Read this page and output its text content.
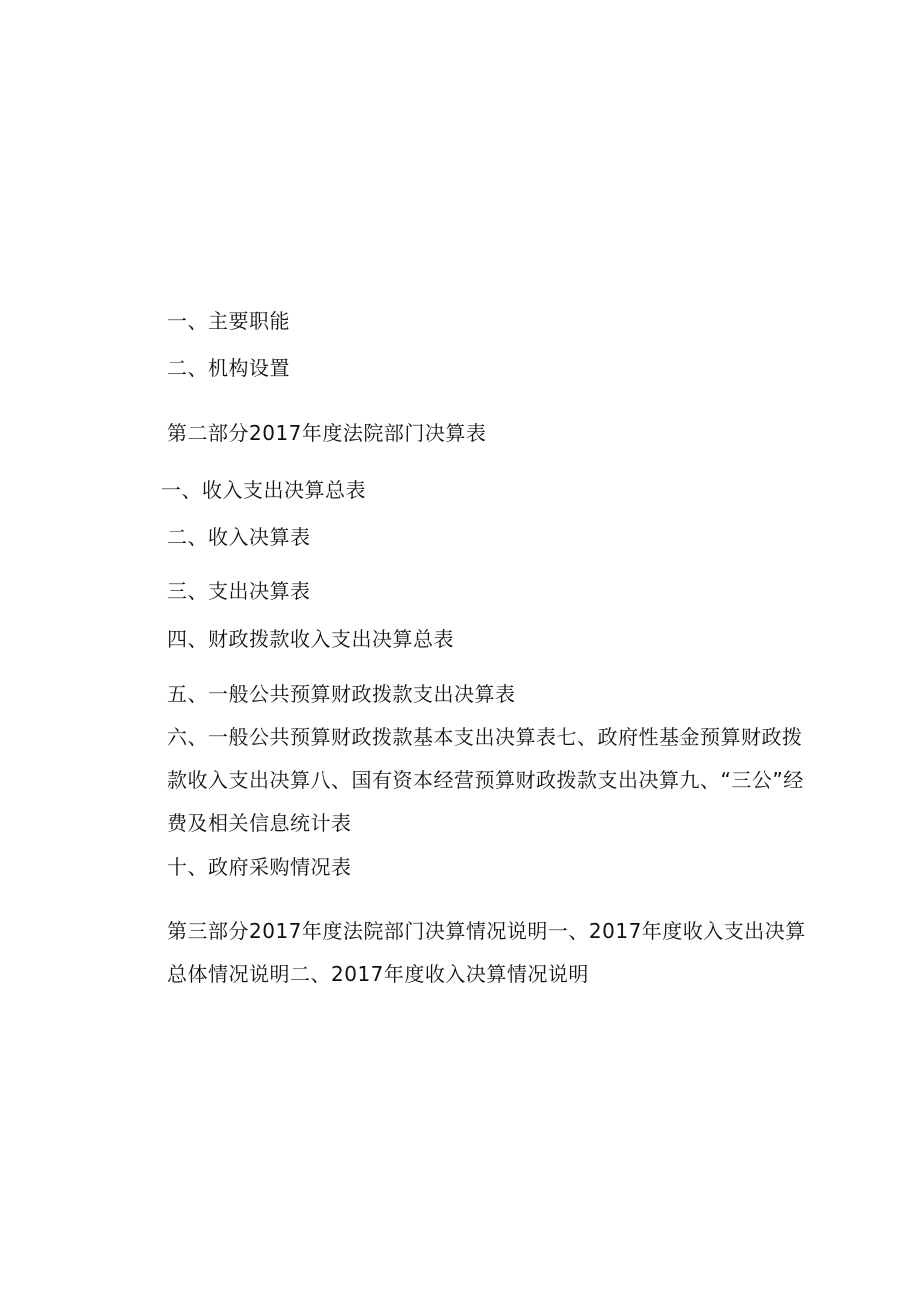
一、主要职能
二、机构设置
第二部分2017年度法院部门决算表
一、收入支出决算总表
二、收入决算表
三、支出决算表
四、财政拨款收入支出决算总表
五、一般公共预算财政拨款支出决算表
六、一般公共预算财政拨款基本支出决算表七、政府性基金预算财政拨款收入支出决算八、国有资本经营预算财政拨款支出决算九、“三公”经费及相关信息统计表
十、政府采购情况表
第三部分2017年度法院部门决算情况说明一、2017年度收入支出决算总体情况说明二、2017年度收入决算情况说明
